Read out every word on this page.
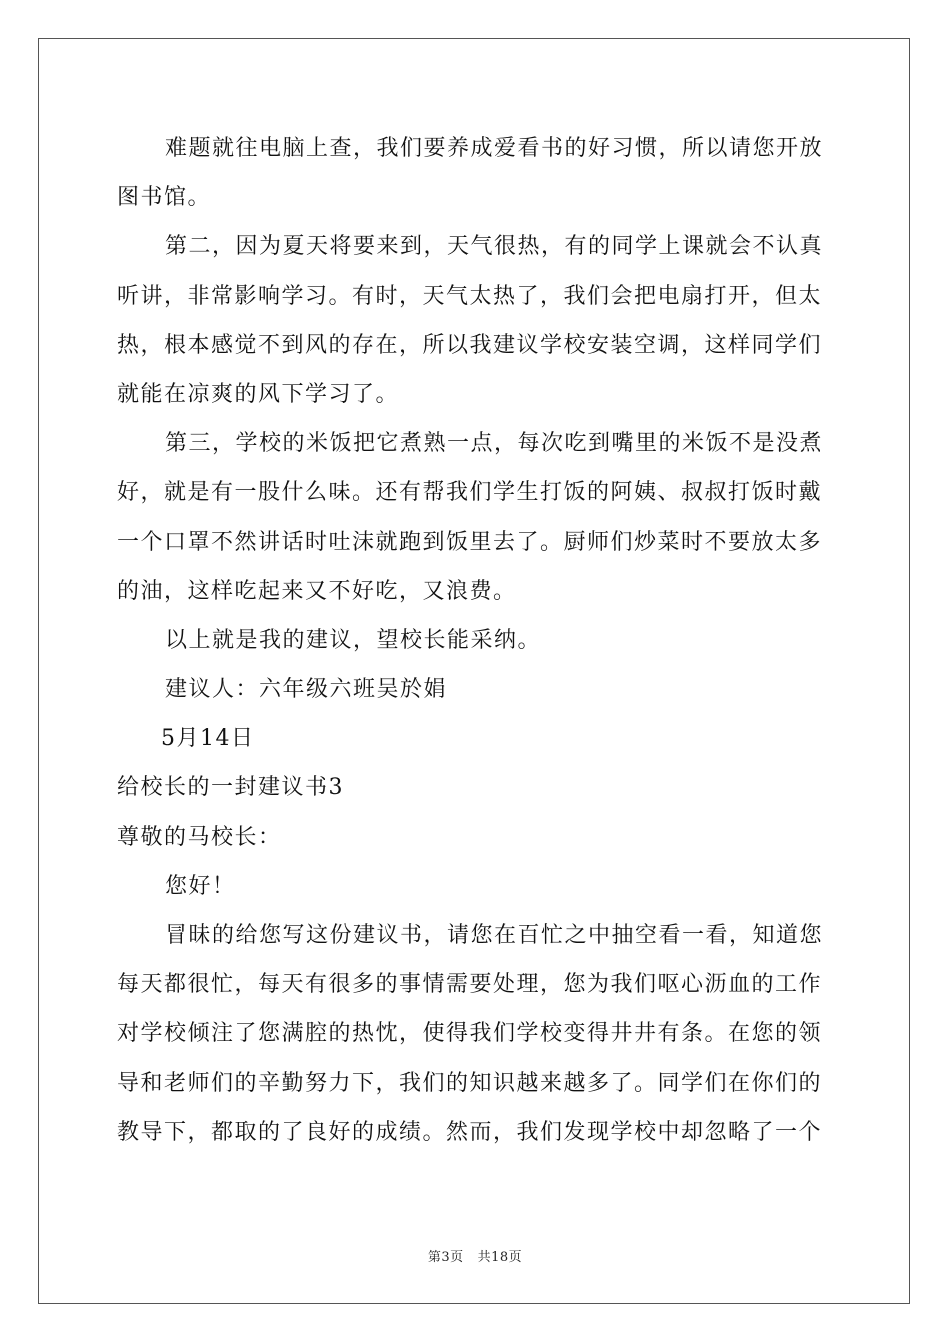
难题就往电脑上查，我们要养成爱看书的好习惯，所以请您开放
图书馆。
第二，因为夏天将要来到，天气很热，有的同学上课就会不认真
听讲，非常影响学习。有时，天气太热了，我们会把电扇打开，但太
热，根本感觉不到风的存在，所以我建议学校安装空调，这样同学们
就能在凉爽的风下学习了。
第三，学校的米饭把它煮熟一点，每次吃到嘴里的米饭不是没煮
好，就是有一股什么味。还有帮我们学生打饭的阿姨、叔叔打饭时戴
一个口罩不然讲话时吐沫就跑到饭里去了。厨师们炒菜时不要放太多
的油，这样吃起来又不好吃，又浪费。
以上就是我的建议，望校长能采纳。
建议人：六年级六班吴於娟
5月14日
给校长的一封建议书3
尊敬的马校长：
您好！
冒昧的给您写这份建议书，请您在百忙之中抽空看一看，知道您
每天都很忙，每天有很多的事情需要处理，您为我们呕心沥血的工作
对学校倾注了您满腔的热忱，使得我们学校变得井井有条。在您的领
导和老师们的辛勤努力下，我们的知识越来越多了。同学们在你们的
教导下，都取的了良好的成绩。然而，我们发现学校中却忽略了一个
第3页 共18页
